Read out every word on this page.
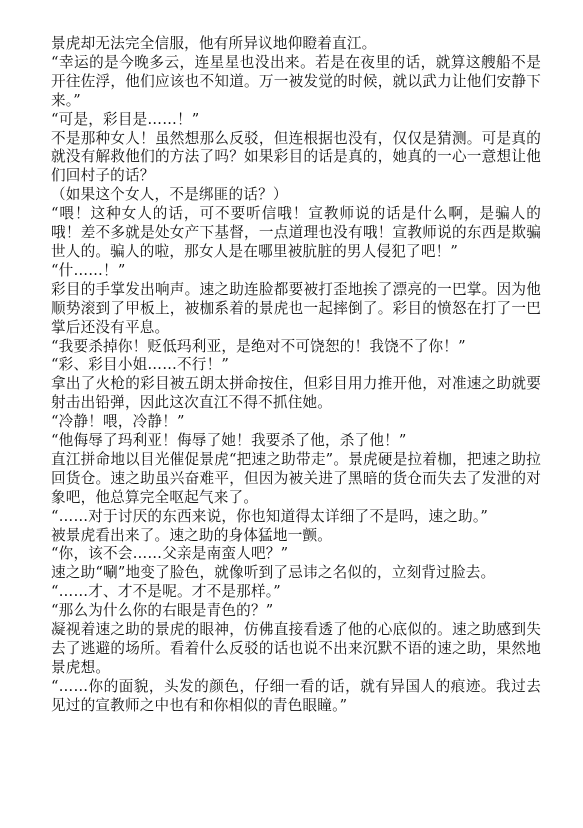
景虎却无法完全信服，他有所异议地仰瞪着直江。

“幸运的是今晚多云，连星星也没出来。若是在夜里的话，就算这艘船不是开往佐浮，他们应该也不知道。万一被发觉的时候，就以武力让他们安静下来。”

“可是，彩目是……！”

不是那种女人！虽然想那么反驳，但连根据也没有，仅仅是猜测。可是真的就没有解救他们的方法了吗？如果彩目的话是真的，她真的一心一意想让他们回村子的话？

（如果这个女人，不是绑匪的话？）

“喂！这种女人的话，可不要听信哦！宣教师说的话是什么啊，是骗人的哦！差不多就是处女产下基督，一点道理也没有哦！宣教师说的东西是欺骗世人的。骗人的啦，那女人是在哪里被肮脏的男人侵犯了吧！”

“什……！”

彩目的手掌发出响声。速之助连脸都要被打歪地挨了漂亮的一巴掌。因为他顺势滚到了甲板上，被枷系着的景虎也一起摔倒了。彩目的愤怒在打了一巴掌后还没有平息。

“我要杀掉你！贬低玛利亚，是绝对不可饶恕的！我饶不了你！”

“彩、彩目小姐……不行！”

拿出了火枪的彩目被五朗太拼命按住，但彩目用力推开他，对准速之助就要射击出铅弹，因此这次直江不得不抓住她。

“冷静！喂，冷静！”

“他侮辱了玛利亚！侮辱了她！我要杀了他，杀了他！”

直江拼命地以目光催促景虎“把速之助带走”。景虎硬是拉着枷，把速之助拉回货仓。速之助虽兴奋难平，但因为被关进了黑暗的货仓而失去了发泄的对象吧，他总算完全呕起气来了。

“……对于讨厌的东西来说，你也知道得太详细了不是吗，速之助。”

被景虎看出来了。速之助的身体猛地一颤。

“你，该不会……父亲是南蛮人吧？”

速之助“唰”地变了脸色，就像听到了忌讳之名似的，立刻背过脸去。

“……才、才不是呢。才不是那样。”

“那么为什么你的右眼是青色的？”

凝视着速之助的景虎的眼神，仿佛直接看透了他的心底似的。速之助感到失去了逃避的场所。看着什么反驳的话也说不出来沉默不语的速之助，果然地景虎想。

“……你的面貌，头发的颜色，仔细一看的话，就有异国人的痕迹。我过去见过的宣教师之中也有和你相似的青色眼瞳。”
